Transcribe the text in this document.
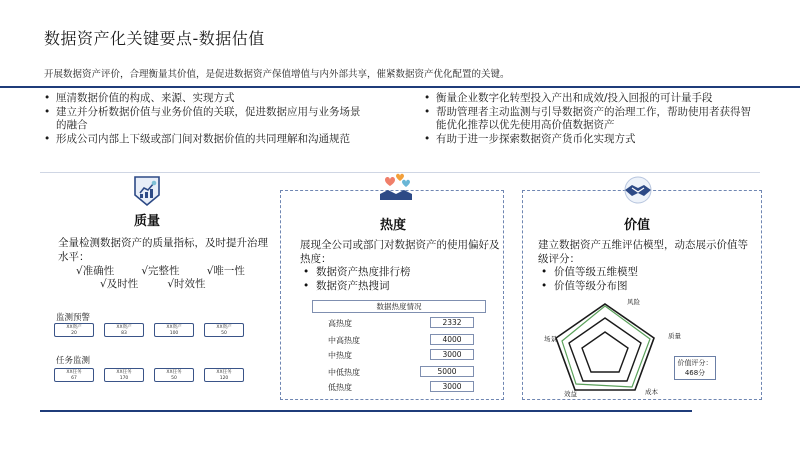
数据资产化关键要点-数据估值
开展数据资产评价，合理衡量其价值，是促进数据资产保值增值与内外部共享，催紧数据资产优化配置的关键。
• 厘清数据价值的构成、来源、实现方式
• 建立并分析数据价值与业务价值的关联，促进数据应用与业务场景的融合
• 形成公司内部上下级或部门间对数据价值的共同理解和沟通规范
• 衡量企业数字化转型投入产出和成效/投入回报的可计量手段
• 帮助管理者主动监测与引导数据资产的治理工作，帮助使用者获得智能优化推荐以优先使用高价值数据资产
• 有助于进一步探索数据资产货币化实现方式
质量
全量检测数据资产的质量指标，及时提升治理水平：
√准确性	√完整性	√唯一性
√及时性	√时效性
监测预警
XX资产
20
XX资产
83
XX资产
100
XX资产
50
任务监测
XX任务
67
XX任务
170
XX任务
50
XX任务
120
热度
展现全公司或部门对数据资产的使用偏好及热度：
• 数据资产热度排行榜
• 数据资产热搜词
数据热度情况
高热度	2332
中高热度	4000
中热度	3000
中低热度	5000
低热度	3000
价值
建立数据资产五维评估模型，动态展示价值等级评分：
• 价值等级五维模型
• 价值等级分布图
风险
质量
成本
效益
场景
价值评分：
468分
